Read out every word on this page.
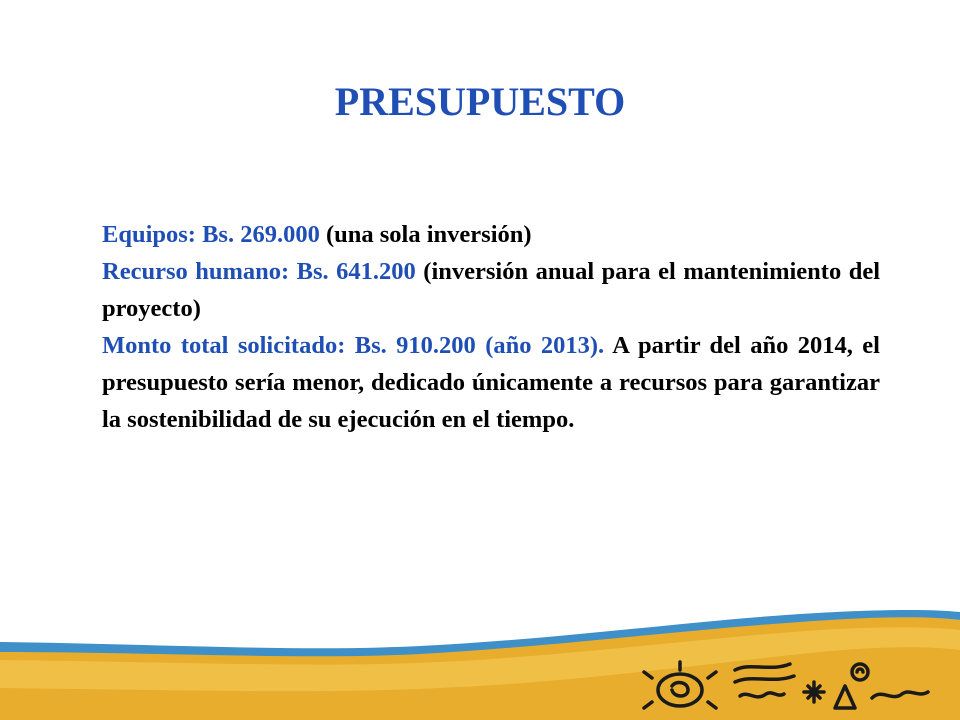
PRESUPUESTO

Equipos: Bs. 269.000 (una sola inversión)

Recurso humano: Bs. 641.200 (inversión anual para el mantenimiento del proyecto)

Monto total solicitado: Bs. 910.200 (año 2013). A partir del año 2014, el presupuesto sería menor, dedicado únicamente a recursos para garantizar la sostenibilidad de su ejecución en el tiempo.
